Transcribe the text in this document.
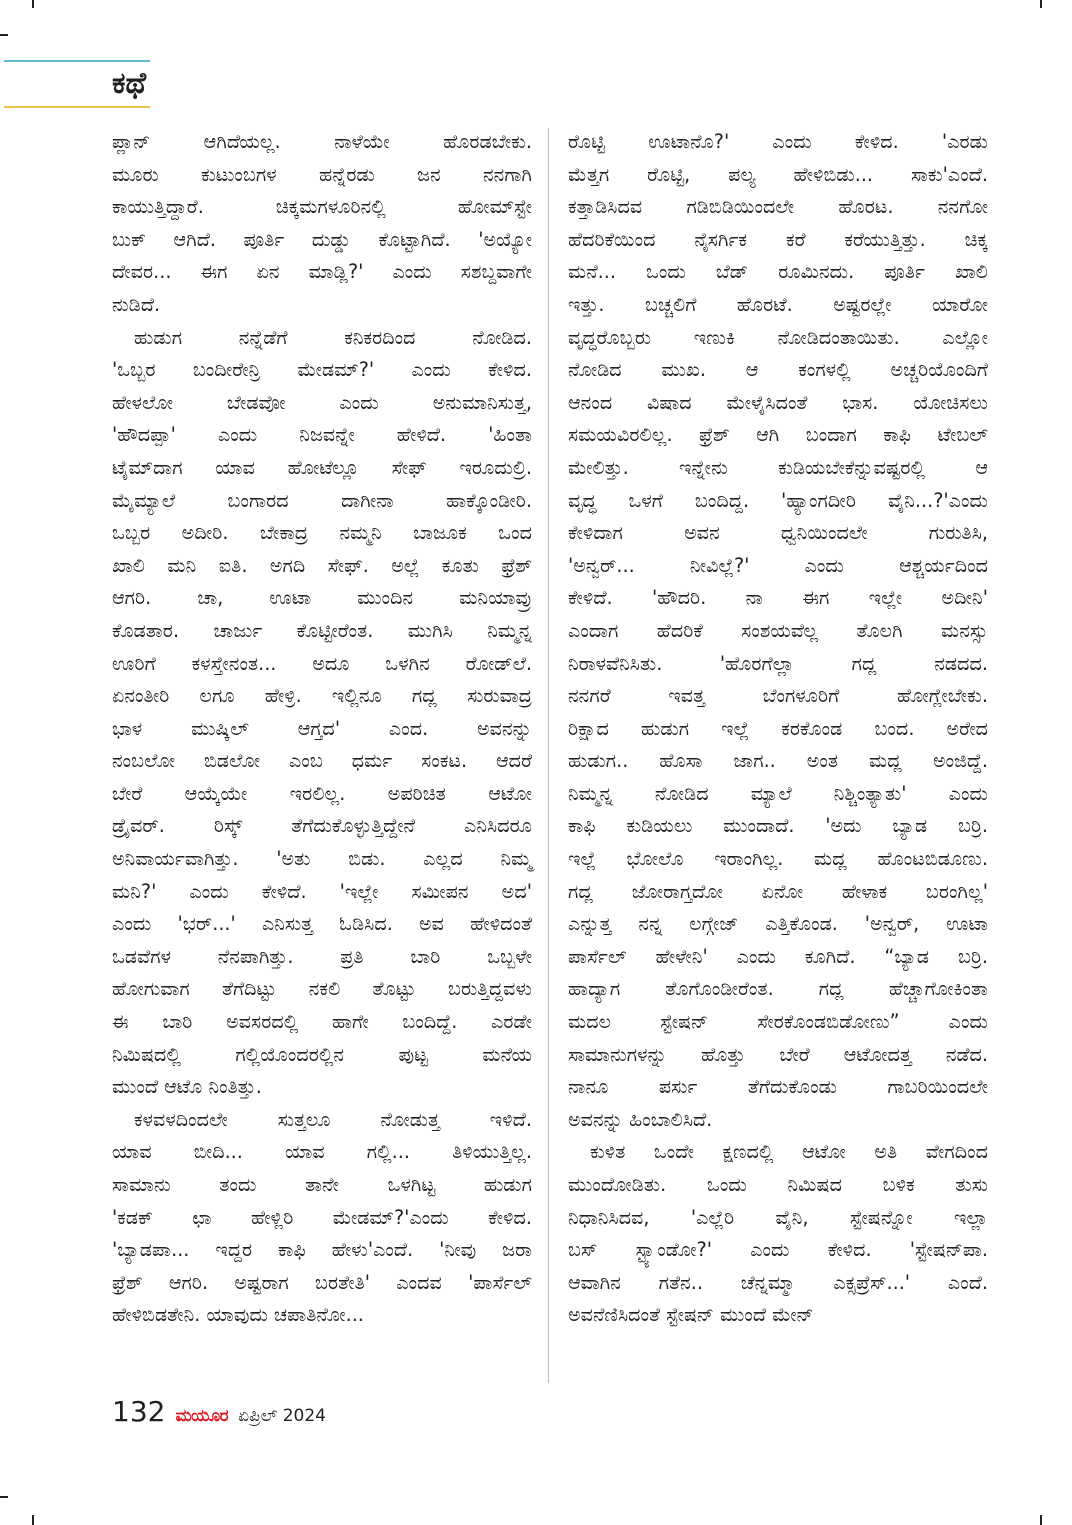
ಕಥೆ

ಪ್ಲಾನ್ ಆಗಿದೆಯಲ್ಲ. ನಾಳೆಯೇ ಹೊರಡಬೇಕು.

ಮೂರು ಕುಟುಂಬಗಳ ಹನ್ನೆರಡು ಜನ ನನಗಾಗಿ

ಕಾಯುತ್ತಿದ್ದಾರೆ. ಚಿಕ್ಕಮಗಳೂರಿನಲ್ಲಿ ಹೋಮ್‌ಸ್ಟೇ

ಬುಕ್ ಆಗಿದೆ. ಪೂರ್ತಿ ದುಡ್ಡು ಕೊಟ್ಟಾಗಿದೆ. 'ಅಯ್ಯೋ

ದೇವರ... ಈಗ ಏನ ಮಾಡ್ಲಿ?' ಎಂದು ಸಶಬ್ದವಾಗೇ

ನುಡಿದೆ.

ಹುಡುಗ ನನ್ನೆಡೆಗೆ ಕನಿಕರದಿಂದ ನೋಡಿದ.

'ಒಬ್ಬರ ಬಂದೀರೇನ್ರಿ ಮೇಡಮ್?' ಎಂದು ಕೇಳಿದ.

ಹೇಳಲೋ ಬೇಡವೋ ಎಂದು ಅನುಮಾನಿಸುತ್ತ,

'ಹೌದಪ್ಪಾ' ಎಂದು ನಿಜವನ್ನೇ ಹೇಳಿದೆ. 'ಹಿಂತಾ

ಟೈಮ್‌ದಾಗ ಯಾವ ಹೋಟೆಲ್ಲೂ ಸೇಫ್ ಇರೂದುಲ್ರಿ.

ಮೈಮ್ಯಾಲೆ ಬಂಗಾರದ ದಾಗೀನಾ ಹಾಕ್ಕೊಂಡೀರಿ.

ಒಬ್ಬರ ಅದೀರಿ. ಬೇಕಾದ್ರ ನಮ್ಮನಿ ಬಾಜೂಕ ಒಂದ

ಖಾಲಿ ಮನಿ ಐತಿ. ಅಗದಿ ಸೇಫ್. ಅಲ್ಲೆ ಕೂತು ಫ್ರೆಶ್

ಆಗರಿ. ಚಾ, ಊಟಾ ಮುಂದಿನ ಮನಿಯಾವ್ರು

ಕೊಡತಾರ. ಚಾರ್ಜು ಕೊಟ್ಟೀರೆಂತ. ಮುಗಿಸಿ ನಿಮ್ಮನ್ನ

ಊರಿಗೆ ಕಳಸ್ತೇನಂತ... ಅದೂ ಒಳಗಿನ ರೋಡ್‌ಲೆ.

ಏನಂತೀರಿ ಲಗೂ ಹೇಳ್ರಿ. ಇಲ್ಲಿನೂ ಗದ್ಲ ಸುರುವಾದ್ರ

ಭಾಳ ಮುಷ್ಕಿಲ್ ಆಗ್ತದ' ಎಂದ. ಅವನನ್ನು

ನಂಬಲೋ ಬಿಡಲೋ ಎಂಬ ಧರ್ಮ ಸಂಕಟ. ಆದರೆ

ಬೇರೆ ಆಯ್ಕೆಯೇ ಇರಲಿಲ್ಲ. ಅಪರಿಚಿತ ಆಟೋ

ಡ್ರೈವರ್. ರಿಸ್ಕ್ ತೆಗೆದುಕೊಳ್ಳುತ್ತಿದ್ದೇನೆ ಎನಿಸಿದರೂ

ಅನಿವಾರ್ಯವಾಗಿತ್ತು. 'ಅತು ಬಿಡು. ಎಲ್ಲದ ನಿಮ್ಮ

ಮನಿ?' ಎಂದು ಕೇಳಿದೆ. 'ಇಲ್ಲೇ ಸಮೀಪನ ಅದ'

ಎಂದು 'ಭರ್...' ಎನಿಸುತ್ತ ಓಡಿಸಿದ. ಅವ ಹೇಳಿದಂತೆ

ಒಡವೆಗಳ ನೆನಪಾಗಿತ್ತು. ಪ್ರತಿ ಬಾರಿ ಒಬ್ಬಳೇ

ಹೋಗುವಾಗ ತೆಗೆದಿಟ್ಟು ನಕಲಿ ತೊಟ್ಟು ಬರುತ್ತಿದ್ದವಳು

ಈ ಬಾರಿ ಅವಸರದಲ್ಲಿ ಹಾಗೇ ಬಂದಿದ್ದೆ. ಎರಡೇ

ನಿಮಿಷದಲ್ಲಿ ಗಲ್ಲಿಯೊಂದರಲ್ಲಿನ ಪುಟ್ಟ ಮನೆಯ

ಮುಂದೆ ಆಟೊ ನಿಂತಿತ್ತು.

ಕಳವಳದಿಂದಲೇ ಸುತ್ತಲೂ ನೋಡುತ್ತ ಇಳಿದೆ.

ಯಾವ ಬೀದಿ... ಯಾವ ಗಲ್ಲಿ... ತಿಳಿಯುತ್ತಿಲ್ಲ.

ಸಾಮಾನು ತಂದು ತಾನೇ ಒಳಗಿಟ್ಟ ಹುಡುಗ

'ಕಡಕ್ ಛಾ ಹೇಳ್ಲಿರಿ ಮೇಡಮ್?'ಎಂದು ಕೇಳಿದ.

'ಬ್ಯಾಡಪಾ... ಇದ್ದರ ಕಾಫಿ ಹೇಳು'ಎಂದೆ. 'ನೀವು ಜರಾ

ಫ್ರೆಶ್ ಆಗರಿ. ಅಷ್ಟರಾಗ ಬರತೇತಿ' ಎಂದವ 'ಪಾರ್ಸೆಲ್

ಹೇಳಿಬಿಡತೇನಿ. ಯಾವುದು ಚಪಾತಿನೋ...

ರೊಟ್ಟಿ ಊಟಾನೊ?' ಎಂದು ಕೇಳಿದ. 'ಎರಡು

ಮೆತ್ತಗ ರೊಟ್ಟಿ, ಪಲ್ಯ ಹೇಳಿಬಿಡು... ಸಾಕು'ಎಂದೆ.

ಕತ್ತಾಡಿಸಿದವ ಗಡಿಬಿಡಿಯಿಂದಲೇ ಹೊರಟ. ನನಗೋ

ಹೆದರಿಕೆಯಿಂದ ನೈಸರ್ಗಿಕ ಕರೆ ಕರೆಯುತ್ತಿತ್ತು. ಚಿಕ್ಕ

ಮನೆ... ಒಂದು ಬೆಡ್ ರೂಮಿನದು. ಪೂರ್ತಿ ಖಾಲಿ

ಇತ್ತು. ಬಚ್ಚಲಿಗೆ ಹೊರಟೆ. ಅಷ್ಟರಲ್ಲೇ ಯಾರೋ

ವೃದ್ಧರೊಬ್ಬರು ಇಣುಕಿ ನೋಡಿದಂತಾಯಿತು. ಎಲ್ಲೋ

ನೋಡಿದ ಮುಖ. ಆ ಕಂಗಳಲ್ಲಿ ಅಚ್ಚರಿಯೊಂದಿಗೆ

ಆನಂದ ವಿಷಾದ ಮೇಳೈಸಿದಂತೆ ಭಾಸ. ಯೋಚಿಸಲು

ಸಮಯವಿರಲಿಲ್ಲ. ಫ್ರೆಶ್ ಆಗಿ ಬಂದಾಗ ಕಾಫಿ ಟೇಬಲ್

ಮೇಲಿತ್ತು. ಇನ್ನೇನು ಕುಡಿಯಬೇಕೆನ್ನುವಷ್ಟರಲ್ಲಿ ಆ

ವೃದ್ಧ ಒಳಗೆ ಬಂದಿದ್ದ. 'ಹ್ಯಾಂಗದೀರಿ ವೈನಿ...?'ಎಂದು

ಕೇಳಿದಾಗ ಅವನ ಧ್ವನಿಯಿಂದಲೇ ಗುರುತಿಸಿ,

'ಅನ್ವರ್... ನೀವಿಲ್ಲೆ?' ಎಂದು ಆಶ್ಚರ್ಯದಿಂದ

ಕೇಳಿದೆ. 'ಹೌದರಿ. ನಾ ಈಗ ಇಲ್ಲೇ ಅದೀನಿ'

ಎಂದಾಗ ಹೆದರಿಕೆ ಸಂಶಯವೆಲ್ಲ ತೊಲಗಿ ಮನಸ್ಸು

ನಿರಾಳವೆನಿಸಿತು. 'ಹೊರಗೆಲ್ಲಾ ಗದ್ಲ ನಡದದ.

ನನಗರೆ ಇವತ್ತ ಬೆಂಗಳೂರಿಗೆ ಹೋಗ್ಲೇಬೇಕು.

ರಿಕ್ಷಾದ ಹುಡುಗ ಇಲ್ಲೆ ಕರಕೊಂಡ ಬಂದ. ಅರೇದ

ಹುಡುಗ.. ಹೊಸಾ ಜಾಗ.. ಅಂತ ಮದ್ಲ ಅಂಜಿದ್ದೆ.

ನಿಮ್ಮನ್ನ ನೋಡಿದ ಮ್ಯಾಲೆ ನಿಶ್ಚಿಂತ್ಯಾತು' ಎಂದು

ಕಾಫಿ ಕುಡಿಯಲು ಮುಂದಾದೆ. 'ಅದು ಬ್ಯಾಡ ಬರ್ರಿ.

ಇಲ್ಲೆ ಭೋಲೊ ಇರಾಂಗಿಲ್ಲ. ಮದ್ಲ ಹೊಂಟಬಿಡೂಣು.

ಗದ್ಲ ಜೋರಾಗ್ತದೋ ಏನೋ ಹೇಳಾಕ ಬರಂಗಿಲ್ಲ'

ಎನ್ನುತ್ತ ನನ್ನ ಲಗ್ಗೇಜ್ ಎತ್ತಿಕೊಂಡ. 'ಅನ್ವರ್, ಊಟಾ

ಪಾರ್ಸೆಲ್ ಹೇಳೇನಿ' ಎಂದು ಕೂಗಿದೆ. “ಬ್ಯಾಡ ಬರ್ರಿ.

ಹಾದ್ಯಾಗ ತೊಗೊಂಡೀರೆಂತ. ಗದ್ಲ ಹೆಚ್ಚಾಗೋಕಿಂತಾ

ಮದಲ ಸ್ಟೇಷನ್ ಸೇರಕೊಂಡಬಿಡೋಣು” ಎಂದು

ಸಾಮಾನುಗಳನ್ನು ಹೊತ್ತು ಬೇರೆ ಆಟೋದತ್ತ ನಡೆದ.

ನಾನೂ ಪರ್ಸು ತೆಗೆದುಕೊಂಡು ಗಾಬರಿಯಿಂದಲೇ

ಅವನನ್ನು ಹಿಂಬಾಲಿಸಿದೆ.

ಕುಳಿತ ಒಂದೇ ಕ್ಷಣದಲ್ಲಿ ಆಟೋ ಅತಿ ವೇಗದಿಂದ

ಮುಂದೋಡಿತು. ಒಂದು ನಿಮಿಷದ ಬಳಿಕ ತುಸು

ನಿಧಾನಿಸಿದವ, 'ಎಲ್ಲೆರಿ ವೈನಿ, ಸ್ಟೇಷನ್ನೋ ಇಲ್ಲಾ

ಬಸ್ ಸ್ಟ್ಯಾಂಡೋ?' ಎಂದು ಕೇಳಿದ. 'ಸ್ಟೇಷನ್‌ಪಾ.

ಆವಾಗಿನ ಗತೆನ.. ಚೆನ್ನಮ್ಮಾ ಎಕ್ಸಪ್ರೆಸ್...' ಎಂದೆ.

ಅವನೆಣಿಸಿದಂತೆ ಸ್ಟೇಷನ್ ಮುಂದೆ ಮೇನ್

132 ಮಯೂರ ಏಪ್ರಿಲ್ 2024
